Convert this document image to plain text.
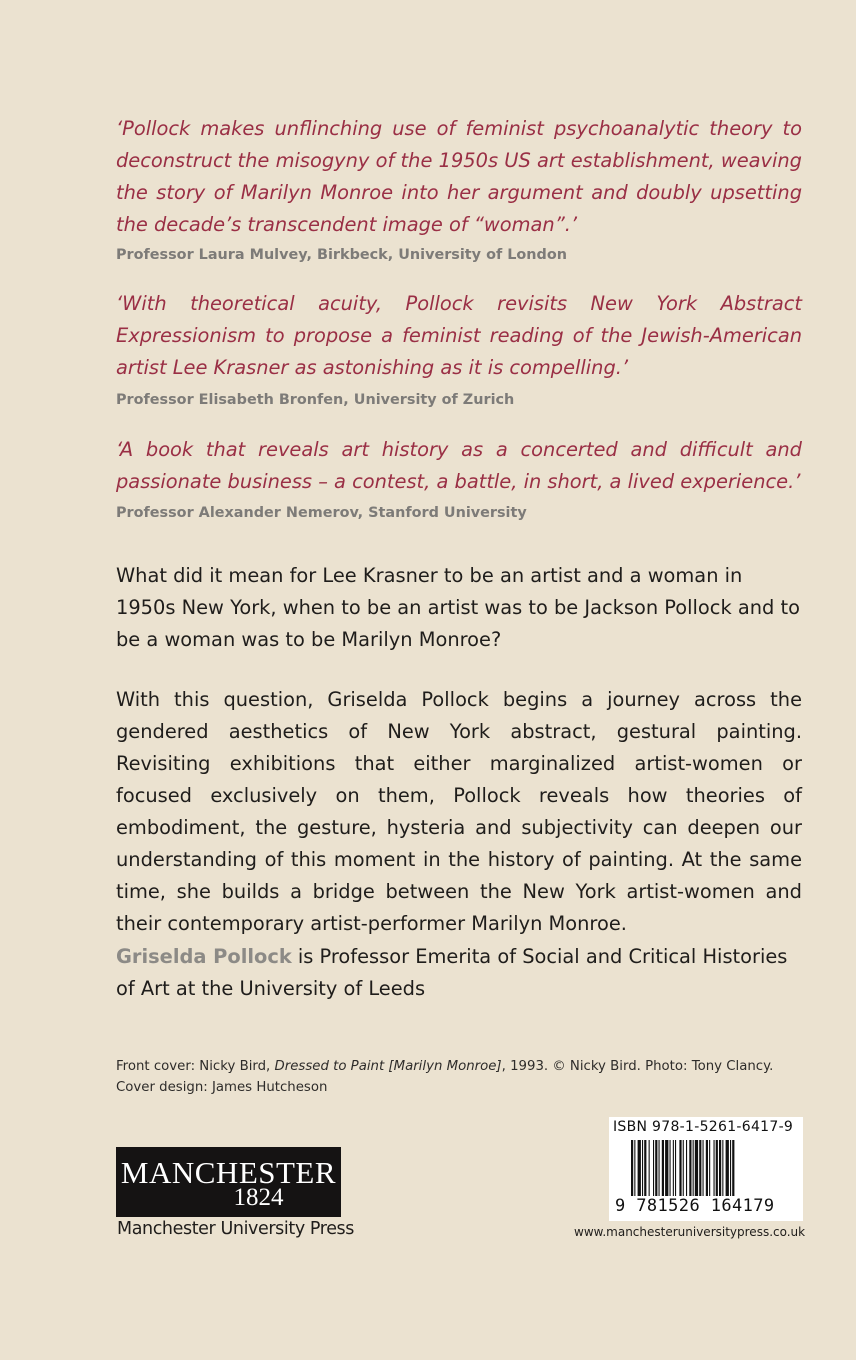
‘Pollock makes unflinching use of feminist psychoanalytic theory to deconstruct the misogyny of the 1950s US art establishment, weaving the story of Marilyn Monroe into her argument and doubly upsetting the decade’s transcendent image of “woman”.’

Professor Laura Mulvey, Birkbeck, University of London

‘With theoretical acuity, Pollock revisits New York Abstract Expressionism to propose a feminist reading of the Jewish-American artist Lee Krasner as astonishing as it is compelling.’

Professor Elisabeth Bronfen, University of Zurich

‘A book that reveals art history as a concerted and difficult and passionate business – a contest, a battle, in short, a lived experience.’

Professor Alexander Nemerov, Stanford University

What did it mean for Lee Krasner to be an artist and a woman in 1950s New York, when to be an artist was to be Jackson Pollock and to be a woman was to be Marilyn Monroe?

With this question, Griselda Pollock begins a journey across the gendered aesthetics of New York abstract, gestural painting. Revisiting exhibitions that either marginalized artist-women or focused exclusively on them, Pollock reveals how theories of embodiment, the gesture, hysteria and subjectivity can deepen our understanding of this moment in the history of painting. At the same time, she builds a bridge between the New York artist-women and their contemporary artist-performer Marilyn Monroe.

Griselda Pollock is Professor Emerita of Social and Critical Histories of Art at the University of Leeds

Front cover: Nicky Bird, Dressed to Paint [Marilyn Monroe], 1993. © Nicky Bird. Photo: Tony Clancy.
Cover design: James Hutcheson

MANCHESTER
1824
Manchester University Press
ISBN 978-1-5261-6417-9
9 781526 164179
www.manchesteruniversitypress.co.uk
